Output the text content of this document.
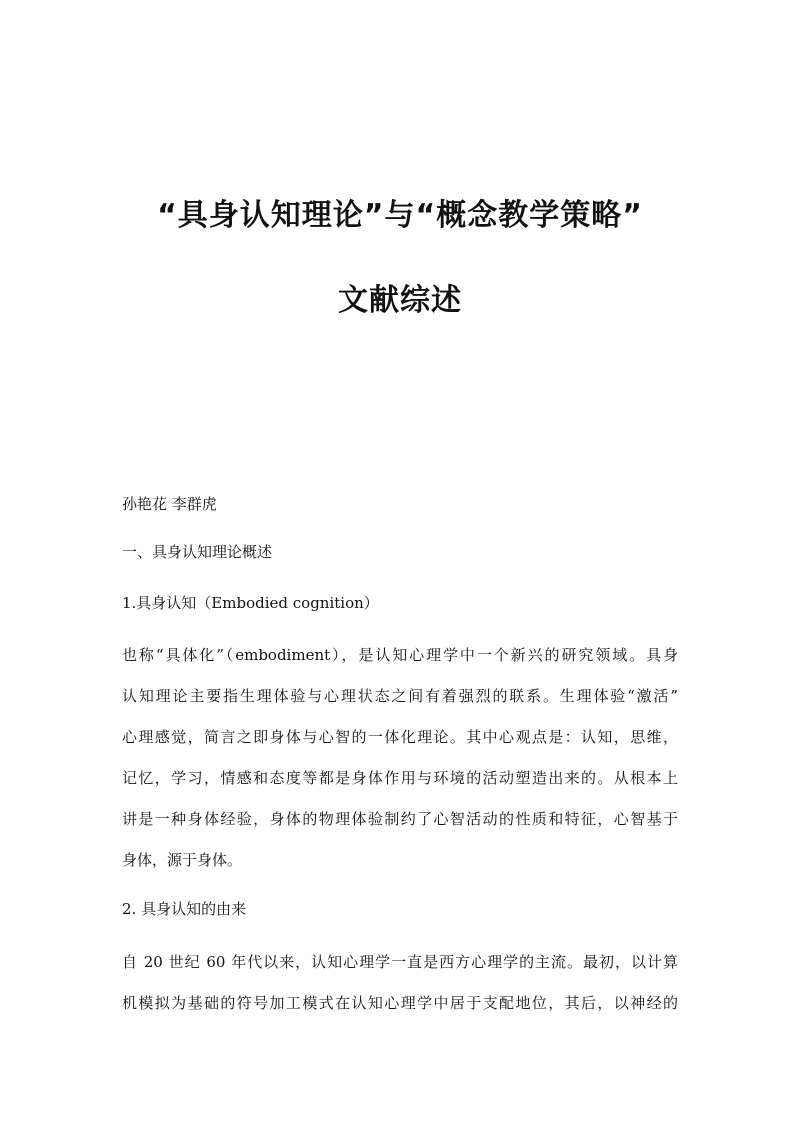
“具身认知理论”与“概念教学策略”
文献综述

孙艳花 李群虎

一、具身认知理论概述

1.具身认知（Embodied cognition）

也称“具体化”（embodiment），是认知心理学中一个新兴的研究领域。具身
认知理论主要指生理体验与心理状态之间有着强烈的联系。生理体验“激活”
心理感觉，简言之即身体与心智的一体化理论。其中心观点是：认知，思维，
记忆，学习，情感和态度等都是身体作用与环境的活动塑造出来的。从根本上
讲是一种身体经验，身体的物理体验制约了心智活动的性质和特征，心智基于
身体，源于身体。

2. 具身认知的由来

自 20 世纪 60 年代以来，认知心理学一直是西方心理学的主流。最初，以计算
机模拟为基础的符号加工模式在认知心理学中居于支配地位，其后，以神经的
